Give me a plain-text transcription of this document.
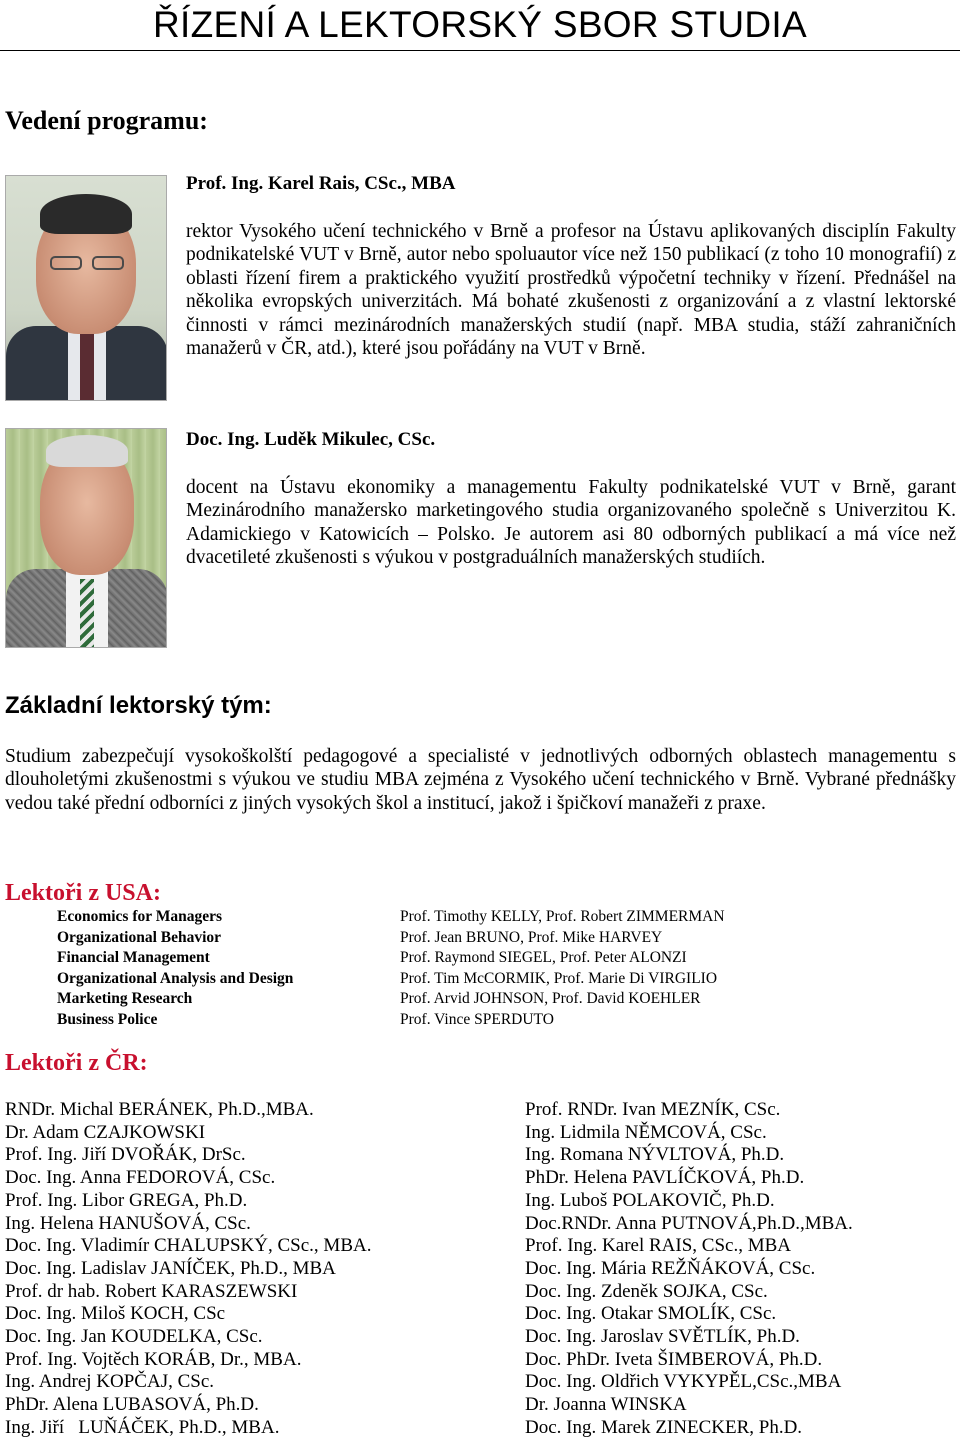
ŘÍZENÍ A LEKTORSKÝ SBOR STUDIA
Vedení programu:
Prof. Ing. Karel Rais, CSc., MBA

rektor Vysokého učení technického v Brně a profesor na Ústavu aplikovaných disciplín Fakulty podnikatelské VUT v Brně, autor nebo spoluautor více než 150 publikací (z toho 10 monografií) z oblasti řízení firem a praktického využití prostředků výpočetní techniky v řízení. Přednášel na několika evropských univerzitách. Má bohaté zkušenosti z organizování a z vlastní lektorské činnosti v rámci mezinárodních manažerských studií (např. MBA studia, stáží zahraničních manažerů v ČR, atd.), které jsou pořádány na VUT v Brně.

Doc. Ing. Luděk Mikulec, CSc.

docent na Ústavu ekonomiky a managementu Fakulty podnikatelské VUT v Brně, garant Mezinárodního manažersko marketingového studia organizovaného společně s Univerzitou K. Adamickiego v Katowicích – Polsko. Je autorem asi 80 odborných publikací a má více než dvacetileté zkušenosti s výukou v postgraduálních manažerských studiích.

Základní lektorský tým:

Studium zabezpečují vysokoškolští pedagogové a specialisté v jednotlivých odborných oblastech managementu s dlouholetými zkušenostmi s výukou ve studiu MBA zejména z Vysokého učení technického v Brně. Vybrané přednášky vedou také přední odborníci z jiných vysokých škol a institucí, jakož i špičkoví manažeři z praxe.

Lektoři z USA:
Economics for Managers
Organizational Behavior
Financial Management
Organizational Analysis and Design
Marketing Research
Business Police
Prof. Timothy KELLY, Prof. Robert ZIMMERMAN
Prof. Jean BRUNO, Prof. Mike HARVEY
Prof. Raymond SIEGEL, Prof. Peter ALONZI
Prof. Tim McCORMIK, Prof. Marie Di VIRGILIO
Prof. Arvid JOHNSON, Prof. David KOEHLER
Prof. Vince SPERDUTO
Lektoři z ČR:
RNDr. Michal BERÁNEK, Ph.D.,MBA.
Dr. Adam CZAJKOWSKI
Prof. Ing. Jiří DVOŘÁK, DrSc.
Doc. Ing. Anna FEDOROVÁ, CSc.
Prof. Ing. Libor GREGA, Ph.D.
Ing. Helena HANUŠOVÁ, CSc.
Doc. Ing. Vladimír CHALUPSKÝ, CSc., MBA.
Doc. Ing. Ladislav JANÍČEK, Ph.D., MBA
Prof. dr hab. Robert KARASZEWSKI
Doc. Ing. Miloš KOCH, CSc
Doc. Ing. Jan KOUDELKA, CSc.
Prof. Ing. Vojtěch KORÁB, Dr., MBA.
Ing. Andrej KOPČAJ, CSc.
PhDr. Alena LUBASOVÁ, Ph.D.
Ing. Jiří   LUŇÁČEK, Ph.D., MBA.
Prof. RNDr. Ivan MEZNÍK, CSc.
Ing. Lidmila NĚMCOVÁ, CSc.
Ing. Romana NÝVLTOVÁ, Ph.D.
PhDr. Helena PAVLÍČKOVÁ, Ph.D.
Ing. Luboš POLAKOVIČ, Ph.D.
Doc.RNDr. Anna PUTNOVÁ,Ph.D.,MBA.
Prof. Ing. Karel RAIS, CSc., MBA
Doc. Ing. Mária REŽŇÁKOVÁ, CSc.
Doc. Ing. Zdeněk SOJKA, CSc.
Doc. Ing. Otakar SMOLÍK, CSc.
Doc. Ing. Jaroslav SVĚTLÍK, Ph.D.
Doc. PhDr. Iveta ŠIMBEROVÁ, Ph.D.
Doc. Ing. Oldřich VYKYPĚL,CSc.,MBA
Dr. Joanna WINSKA
Doc. Ing. Marek ZINECKER, Ph.D.
